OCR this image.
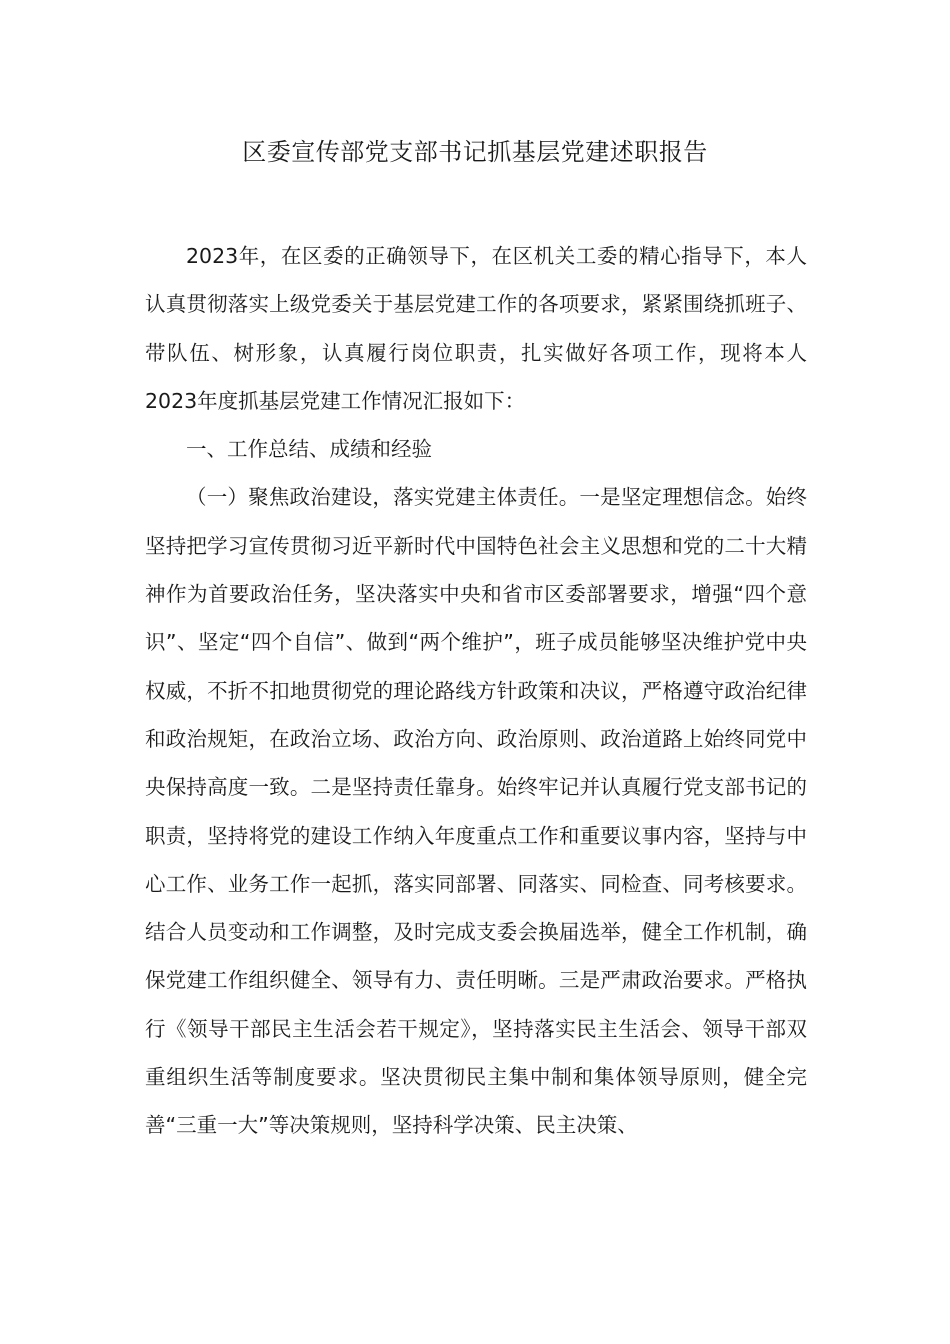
区委宣传部党支部书记抓基层党建述职报告

2023年，在区委的正确领导下，在区机关工委的精心指导下，本人认真贯彻落实上级党委关于基层党建工作的各项要求，紧紧围绕抓班子、带队伍、树形象，认真履行岗位职责，扎实做好各项工作，现将本人2023年度抓基层党建工作情况汇报如下：

一、工作总结、成绩和经验

（一）聚焦政治建设，落实党建主体责任。一是坚定理想信念。始终坚持把学习宣传贯彻习近平新时代中国特色社会主义思想和党的二十大精神作为首要政治任务，坚决落实中央和省市区委部署要求，增强“四个意识”、坚定“四个自信”、做到“两个维护”，班子成员能够坚决维护党中央权威，不折不扣地贯彻党的理论路线方针政策和决议，严格遵守政治纪律和政治规矩，在政治立场、政治方向、政治原则、政治道路上始终同党中央保持高度一致。二是坚持责任靠身。始终牢记并认真履行党支部书记的职责，坚持将党的建设工作纳入年度重点工作和重要议事内容，坚持与中心工作、业务工作一起抓，落实同部署、同落实、同检查、同考核要求。结合人员变动和工作调整，及时完成支委会换届选举，健全工作机制，确保党建工作组织健全、领导有力、责任明晰。三是严肃政治要求。严格执行《领导干部民主生活会若干规定》，坚持落实民主生活会、领导干部双重组织生活等制度要求。坚决贯彻民主集中制和集体领导原则，健全完善“三重一大”等决策规则，坚持科学决策、民主决策、
